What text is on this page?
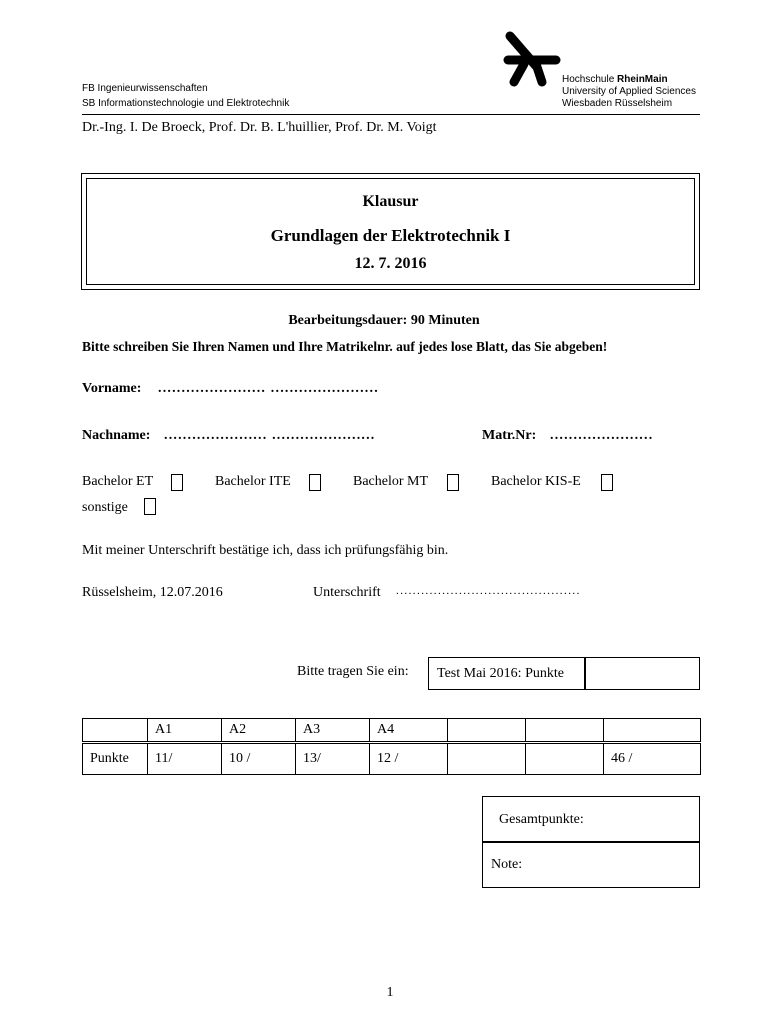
FB Ingenieurwissenschaften
SB Informationstechnologie und Elektrotechnik
Hochschule RheinMain
University of Applied Sciences
Wiesbaden Rüsselsheim
Dr.-Ing. I. De Broeck, Prof. Dr. B. L'huillier, Prof. Dr. M. Voigt
Klausur
Grundlagen der Elektrotechnik I
12. 7. 2016
Bearbeitungsdauer: 90 Minuten
Bitte schreiben Sie Ihren Namen und Ihre Matrikelnr. auf jedes lose Blatt, das Sie abgeben!
Vorname: ....................... .......................
Nachname: ...................... ......................	Matr.Nr: ......................
Bachelor ET	Bachelor ITE	Bachelor MT	Bachelor KIS-E
sonstige
Mit meiner Unterschrift bestätige ich, dass ich prüfungsfähig bin.
Rüsselsheim, 12.07.2016	Unterschrift ............................................
Bitte tragen Sie ein: Test Mai 2016: Punkte
	A1	A2	A3	A4			
Punkte	11/	10 /	13/	12 /			46 /
Gesamtpunkte:
Note:
1
